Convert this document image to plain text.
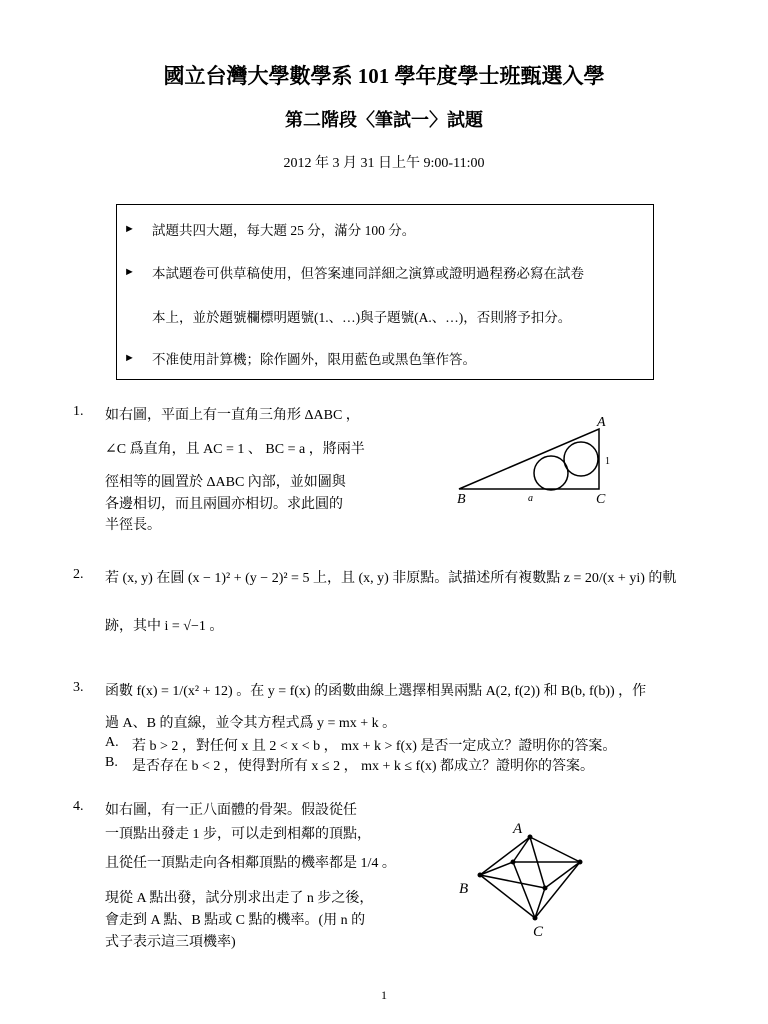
國立台灣大學數學系 101 學年度學士班甄選入學
第二階段〈筆試一〉試題
2012 年 3 月 31 日上午 9:00-11:00
► 試題共四大題，每大題 25 分，滿分 100 分。
► 本試題卷可供草稿使用，但答案連同詳細之演算或證明過程務必寫在試卷
本上，並於題號欄標明題號(1.、…)與子題號(A.、…)，否則將予扣分。
► 不准使用計算機；除作圖外，限用藍色或黑色筆作答。
1. 如右圖，平面上有一直角三角形 ΔABC ，
∠C 爲直角，且 AC = 1 、 BC = a ，將兩半
徑相等的圓置於 ΔABC 內部，並如圖與
各邊相切，而且兩圓亦相切。求此圓的
半徑長。
A
B	C
1
a
2. 若 (x, y) 在圓 (x − 1)² + (y − 2)² = 5 上，且 (x, y) 非原點。試描述所有複數點 z = 20/(x + yi) 的軌
跡，其中 i = √−1 。
3. 函數 f(x) = 1/(x² + 12) 。在 y = f(x) 的函數曲線上選擇相異兩點 A(2, f(2)) 和 B(b, f(b)) ，作
過 A、B 的直線，並令其方程式爲 y = mx + k 。
A. 若 b > 2 ，對任何 x 且 2 < x < b ， mx + k > f(x) 是否一定成立？證明你的答案。
B. 是否存在 b < 2 ，使得對所有 x ≤ 2 ， mx + k ≤ f(x) 都成立？證明你的答案。
4. 如右圖，有一正八面體的骨架。假設從任
一頂點出發走 1 步，可以走到相鄰的頂點，
且從任一頂點走向各相鄰頂點的機率都是 1/4 。
現從 A 點出發，試分別求出走了 n 步之後，
會走到 A 點、B 點或 C 點的機率。(用 n 的
式子表示這三項機率)
A
B
C
1
